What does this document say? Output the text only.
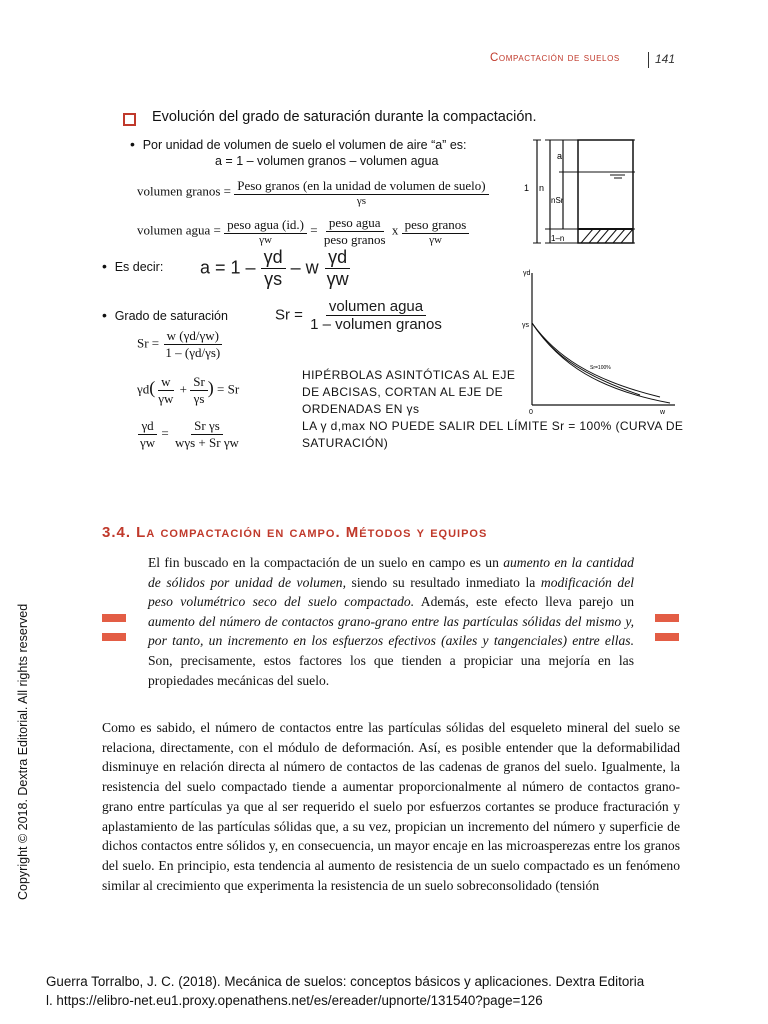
Compactación de suelos	141
Evolución del grado de saturación durante la compactación.
•  Por unidad de volumen de suelo el volumen de aire “a” es:
a = 1 – volumen granos – volumen agua
volumen granos = $\frac{\text{Peso granos (en la unidad de volumen de suelo)}}{\gamma s}$
volumen agua = $\frac{\text{peso agua (id.)}}{\gamma w} = \frac{\text{peso agua}}{\text{peso granos}}$ x $\frac{\text{peso granos}}{\gamma w}$
•  Es decir: $a = 1 - \frac{\gamma d}{\gamma s} - w \frac{\gamma d}{\gamma w}$
•  Grado de saturación	$Sr = \frac{\text{volumen agua}}{\text{1 – volumen granos}}$
$Sr = \frac{w (\gamma d/\gamma w)}{1 - (\gamma d/\gamma s)}$
$\gamma d( \frac{w}{\gamma w} + \frac{Sr}{\gamma s}$ ) = Sr
$\frac{\gamma d}{\gamma w} = \frac{\text{Sr γs}}{\text{wγs + Sr γw}}$
HIPÉRBOLAS ASINTÓTICAS AL EJE
DE ABCISAS, CORTAN AL EJE DE
ORDENADAS EN γs
LA γ d,max NO PUEDE SALIR DEL LÍMITE Sr = 100% (CURVA DE
SATURACIÓN)
a
n
1
nSr
1–n
γd
γs
0	w
Sr=100%
3.4. La compactación en campo. Métodos y equipos
El fin buscado en la compactación de un suelo en campo es un aumento en la cantidad de sólidos por unidad de volumen, siendo su resultado inmediato la modificación del peso volumétrico seco del suelo compactado. Además, este efecto lleva parejo un aumento del número de contactos grano-grano entre las partículas sólidas del mismo y, por tanto, un incremento en los esfuerzos efectivos (axiles y tangenciales) entre ellas. Son, precisamente, estos factores los que tienden a propiciar una mejoría en las propiedades mecánicas del suelo.
Como es sabido, el número de contactos entre las partículas sólidas del esqueleto mineral del suelo se relaciona, directamente, con el módulo de deformación. Así, es posible entender que la deformabilidad disminuye en relación directa al número de contactos de las cadenas de granos del suelo. Igualmente, la resistencia del suelo compactado tiende a aumentar proporcionalmente al número de contactos grano-grano entre partículas ya que al ser requerido el suelo por esfuerzos cortantes se produce fracturación y aplastamiento de las partículas sólidas que, a su vez, propician un incremento del número y superficie de dichos contactos entre sólidos y, en consecuencia, un mayor encaje en las microasperezas entre los granos del suelo. En principio, esta tendencia al aumento de resistencia de un suelo compactado es un fenómeno similar al crecimiento que experimenta la resistencia de un suelo sobreconsolidado (tensión
Copyright © 2018. Dextra Editorial. All rights reserved
Guerra Torralbo, J. C. (2018). Mecánica de suelos: conceptos básicos y aplicaciones. Dextra Editoria
l. https://elibro-net.eu1.proxy.openathens.net/es/ereader/upnorte/131540?page=126
